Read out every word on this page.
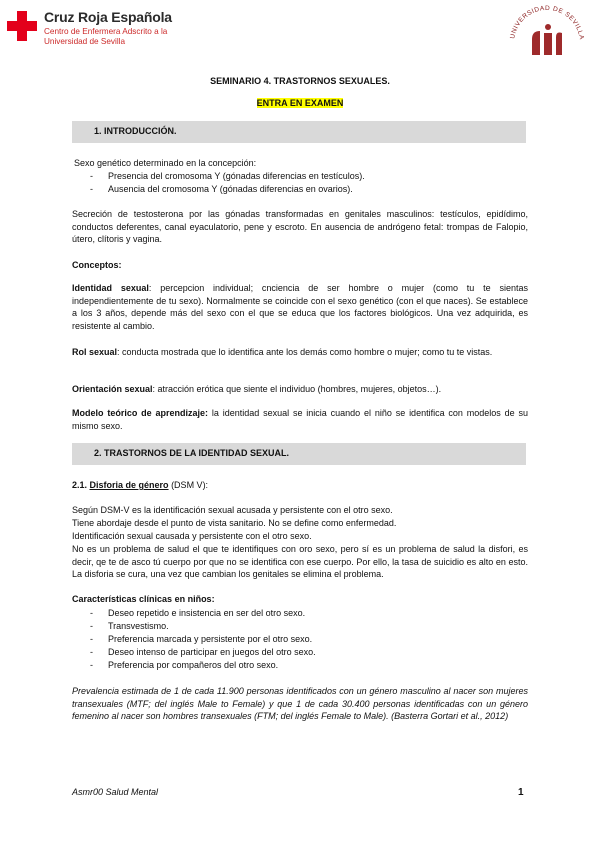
Cruz Roja Española
Centro de Enfermera Adscrito a la
Universidad de Sevilla
UNIVERSIDAD DE SEVILLA
SEMINARIO 4. TRASTORNOS SEXUALES.
ENTRA EN EXAMEN
1. INTRODUCCIÓN.
Sexo genético determinado en la concepción:
- Presencia del cromosoma Y (gónadas diferencias en testículos).
- Ausencia del cromosoma Y (gónadas diferencias en ovarios).
Secreción de testosterona por las gónadas transformadas en genitales masculinos: testículos, epidídimo, conductos deferentes, canal eyaculatorio, pene y escroto. En ausencia de andrógeno fetal: trompas de Falopio, útero, clítoris y vagina.
Conceptos:
Identidad sexual: percepcion individual; cnciencia de ser hombre o mujer (como tu te sientas independientemente de tu sexo). Normalmente se coincide con el sexo genético (con el que naces). Se establece a los 3 años, depende más del sexo con el que se educa que los factores biológicos. Una vez adquirida, es resistente al cambio.
Rol sexual: conducta mostrada que lo identifica ante los demás como hombre o mujer; como tu te vistas.
Orientación sexual: atracción erótica que siente el individuo (hombres, mujeres, objetos…).
Modelo teórico de aprendizaje: la identidad sexual se inicia cuando el niño se identifica con modelos de su mismo sexo.
2. TRASTORNOS DE LA IDENTIDAD SEXUAL.
2.1. Disforia de género (DSM V):
Según DSM-V es la identificación sexual acusada y persistente con el otro sexo.
Tiene abordaje desde el punto de vista sanitario. No se define como enfermedad.
Identificación sexual causada y persistente con el otro sexo.
No es un problema de salud el que te identifiques con oro sexo, pero sí es un problema de salud la disfori, es decir, qe te de asco tú cuerpo por que no se identifica con ese cuerpo. Por ello, la tasa de suicidio es alto en esto. La disforia se cura, una vez que cambian los genitales se elimina el problema.
Características clínicas en niños:
- Deseo repetido e insistencia en ser del otro sexo.
- Transvestismo.
- Preferencia marcada y persistente por el otro sexo.
- Deseo intenso de participar en juegos del otro sexo.
- Preferencia por compañeros del otro sexo.
Prevalencia estimada de 1 de cada 11.900 personas identificados con un género masculino al nacer son mujeres transexuales (MTF; del inglés Male to Female) y que 1 de cada 30.400 personas identificadas con un género femenino al nacer son hombres transexuales (FTM; del inglés Female to Male). (Basterra Gortari et al., 2012)
Asmr00 Salud Mental	1
